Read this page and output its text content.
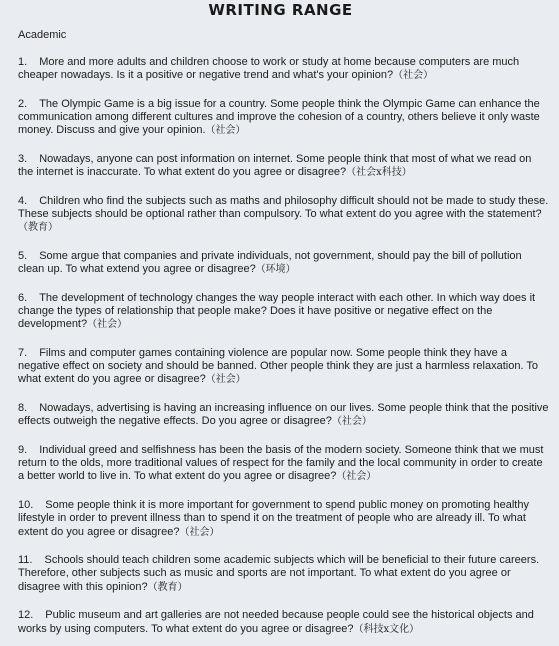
WRITING RANGE
Academic
1. More and more adults and children choose to work or study at home because computers are much cheaper nowadays. Is it a positive or negative trend and what's your opinion?（社会）
2. The Olympic Game is a big issue for a country. Some people think the Olympic Game can enhance the communication among different cultures and improve the cohesion of a country, others believe it only waste money. Discuss and give your opinion.（社会）
3. Nowadays, anyone can post information on internet. Some people think that most of what we read on the internet is inaccurate. To what extent do you agree or disagree?（社会x科技）
4. Children who find the subjects such as maths and philosophy difficult should not be made to study these. These subjects should be optional rather than compulsory. To what extent do you agree with the statement?（教育）
5. Some argue that companies and private individuals, not government, should pay the bill of pollution clean up. To what extend you agree or disagree?（环境）
6. The development of technology changes the way people interact with each other. In which way does it change the types of relationship that people make? Does it have positive or negative effect on the development?（社会）
7. Films and computer games containing violence are popular now. Some people think they have a negative effect on society and should be banned. Other people think they are just a harmless relaxation. To what extent do you agree or disagree?（社会）
8. Nowadays, advertising is having an increasing influence on our lives. Some people think that the positive effects outweigh the negative effects. Do you agree or disagree?（社会）
9. Individual greed and selfishness has been the basis of the modern society. Someone think that we must return to the olds, more traditional values of respect for the family and the local community in order to create a better world to live in. To what extent do you agree or disagree?（社会）
10. Some people think it is more important for government to spend public money on promoting healthy lifestyle in order to prevent illness than to spend it on the treatment of people who are already ill. To what extent do you agree or disagree?（社会）
11. Schools should teach children some academic subjects which will be beneficial to their future careers. Therefore, other subjects such as music and sports are not important. To what extent do you agree or disagree with this opinion?（教育）
12. Public museum and art galleries are not needed because people could see the historical objects and works by using computers. To what extent do you agree or disagree?（科技x文化）
